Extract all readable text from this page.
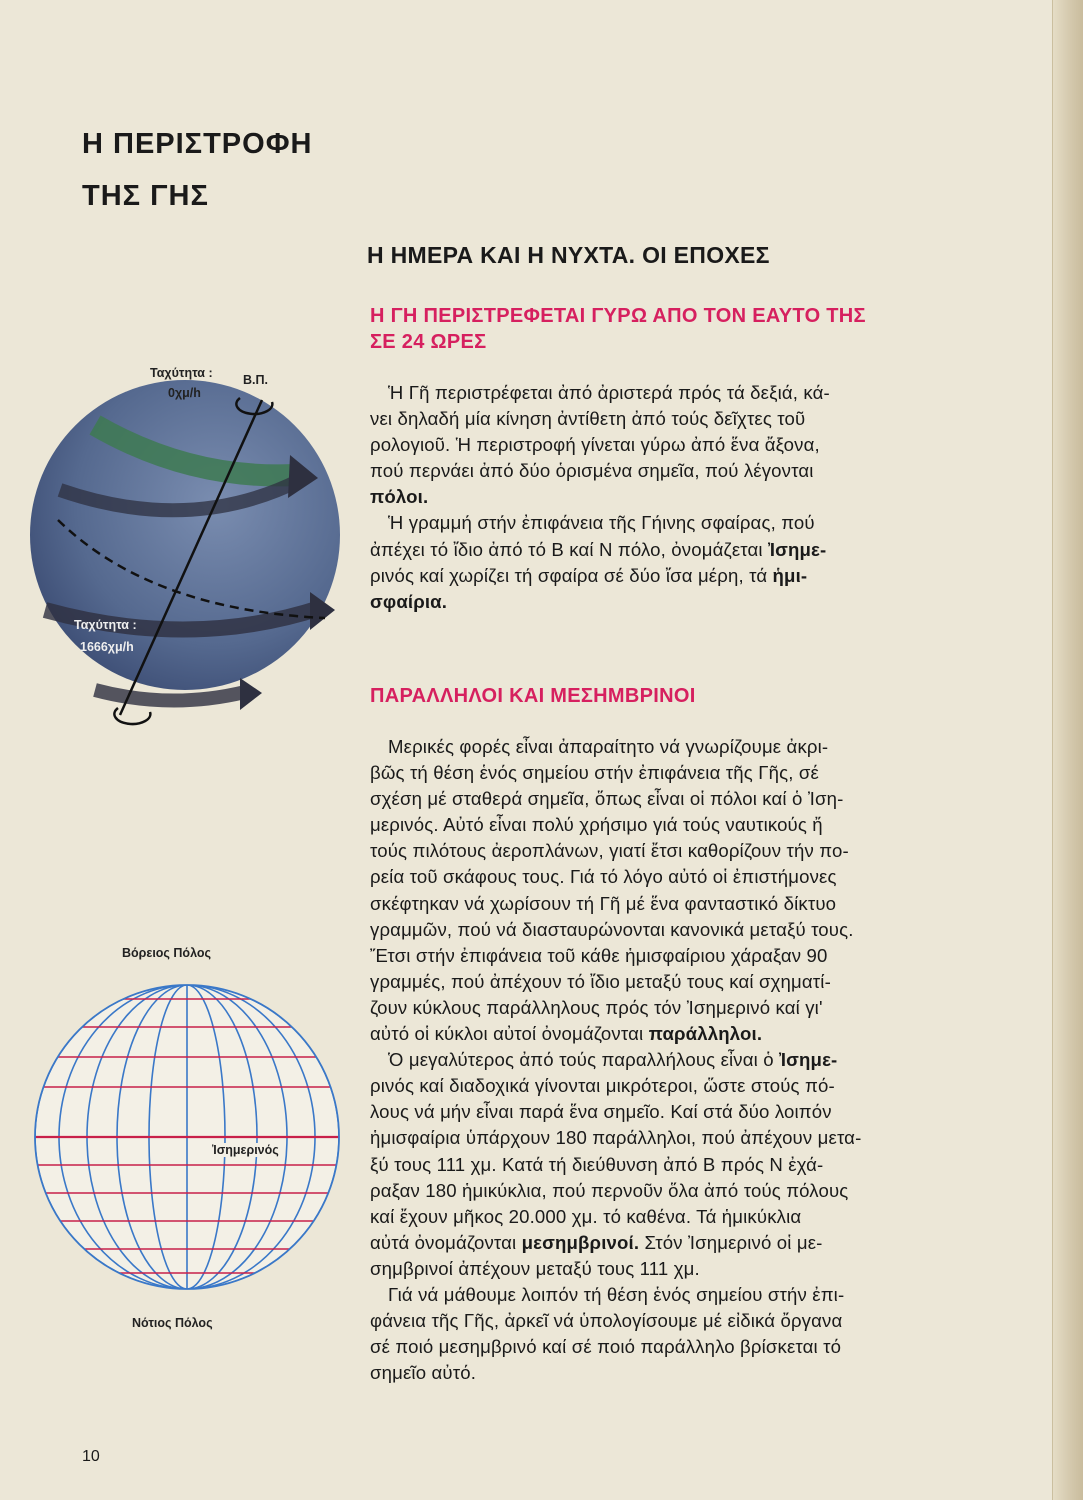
Η ΠΕΡΙΣΤΡΟΦΗ
ΤΗΣ ΓΗΣ
Η ΗΜΕΡΑ ΚΑΙ Η ΝΥΧΤΑ. ΟΙ ΕΠΟΧΕΣ
Η ΓΗ ΠΕΡΙΣΤΡΕΦΕΤΑΙ ΓΥΡΩ ΑΠΟ ΤΟΝ ΕΑΥΤΟ ΤΗΣ
ΣΕ 24 ΩΡΕΣ
Ἡ Γῆ περιστρέφεται ἀπό ἀριστερά πρός τά δεξιά, κά-
νει δηλαδή μία κίνηση ἀντίθετη ἀπό τούς δεῖχτες τοῦ
ρολογιοῦ. Ἡ περιστροφή γίνεται γύρω ἀπό ἕνα ἄξονα,
πού περνάει ἀπό δύο ὁρισμένα σημεῖα, πού λέγονται
πόλοι.
Ἡ γραμμή στήν ἐπιφάνεια τῆς Γήινης σφαίρας, πού
ἀπέχει τό ἴδιο ἀπό τό Β καί Ν πόλο, ὀνομάζεται Ἰσημε-
ρινός καί χωρίζει τή σφαίρα σέ δύο ἴσα μέρη, τά ἡμι-
σφαίρια.
ΠΑΡΑΛΛΗΛΟΙ ΚΑΙ ΜΕΣΗΜΒΡΙΝΟΙ
Μερικές φορές εἶναι ἀπαραίτητο νά γνωρίζουμε ἀκρι-
βῶς τή θέση ἑνός σημείου στήν ἐπιφάνεια τῆς Γῆς, σέ
σχέση μέ σταθερά σημεῖα, ὅπως εἶναι οἱ πόλοι καί ὁ Ἰση-
μερινός. Αὐτό εἶναι πολύ χρήσιμο γιά τούς ναυτικούς ἤ
τούς πιλότους ἀεροπλάνων, γιατί ἔτσι καθορίζουν τήν πο-
ρεία τοῦ σκάφους τους. Γιά τό λόγο αὐτό οἱ ἐπιστήμονες
σκέφτηκαν νά χωρίσουν τή Γῆ μέ ἕνα φανταστικό δίκτυο
γραμμῶν, πού νά διασταυρώνονται κανονικά μεταξύ τους.
Ἔτσι στήν ἐπιφάνεια τοῦ κάθε ἡμισφαίριου χάραξαν 90
γραμμές, πού ἀπέχουν τό ἴδιο μεταξύ τους καί σχηματί-
ζουν κύκλους παράλληλους πρός τόν Ἰσημερινό καί γι'
αὐτό οἱ κύκλοι αὐτοί ὀνομάζονται παράλληλοι.
Ὁ μεγαλύτερος ἀπό τούς παραλλήλους εἶναι ὁ Ἰσημε-
ρινός καί διαδοχικά γίνονται μικρότεροι, ὥστε στούς πό-
λους νά μήν εἶναι παρά ἕνα σημεῖο. Καί στά δύο λοιπόν
ἡμισφαίρια ὑπάρχουν 180 παράλληλοι, πού ἀπέχουν μετα-
ξύ τους 111 χμ. Κατά τή διεύθυνση ἀπό Β πρός Ν ἐχά-
ραξαν 180 ἡμικύκλια, πού περνοῦν ὅλα ἀπό τούς πόλους
καί ἔχουν μῆκος 20.000 χμ. τό καθένα. Τά ἡμικύκλια
αὐτά ὀνομάζονται μεσημβρινοί. Στόν Ἰσημερινό οἱ με-
σημβρινοί ἀπέχουν μεταξύ τους 111 χμ.
Γιά νά μάθουμε λοιπόν τή θέση ἑνός σημείου στήν ἐπι-
φάνεια τῆς Γῆς, ἀρκεῖ νά ὑπολογίσουμε μέ εἰδικά ὄργανα
σέ ποιό μεσημβρινό καί σέ ποιό παράλληλο βρίσκεται τό
σημεῖο αὐτό.
Ταχύτητα :
0χμ/h
Β.Π.
Ταχύτητα :
1666χμ/h
Βόρειος Πόλος
Ἰσημερινός
Νότιος Πόλος
10
